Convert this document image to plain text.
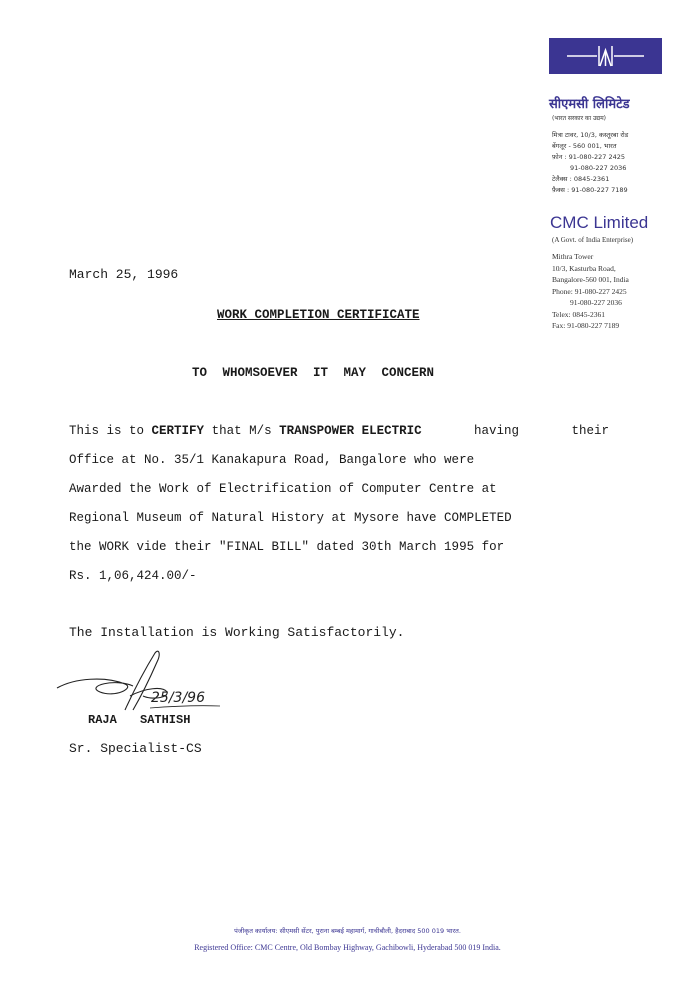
सीएमसी लिमिटेड
(भारत सरकार का उद्यम)
मित्रा टावर, 10/3, कस्तूरबा रोड
बेंगलूर - 560 001, भारत
फ़ोन : 91-080-227 2425
91-080-227 2036
टेलैक्स : 0845-2361
फ़ैक्स : 91-080-227 7189
CMC Limited
(A Govt. of India Enterprise)
Mithra Tower
10/3, Kasturba Road,
Bangalore-560 001, India
Phone: 91-080-227 2425
91-080-227 2036
Telex: 0845-2361
Fax: 91-080-227 7189
March 25, 1996
WORK COMPLETION CERTIFICATE
TO WHOMSOEVER IT MAY CONCERN
This is to CERTIFY that M/s TRANSPOWER ELECTRIC	having	their
Office at No. 35/1 Kanakapura Road, Bangalore who were
Awarded the Work of Electrification of Computer Centre at
Regional Museum of Natural History at Mysore have COMPLETED
the WORK vide their "FINAL BILL" dated 30th March 1995 for
Rs. 1,06,424.00/-
The Installation is Working Satisfactorily.
25/3/96
RAJA SATHISH
Sr. Specialist-CS
पंजीकृत कार्यालय: सीएमसी सेंटर, पुराना बम्बई महामार्ग, गाचीबौली, हैदराबाद 500 019 भारत.
Registered Office: CMC Centre, Old Bombay Highway, Gachibowli, Hyderabad 500 019 India.
